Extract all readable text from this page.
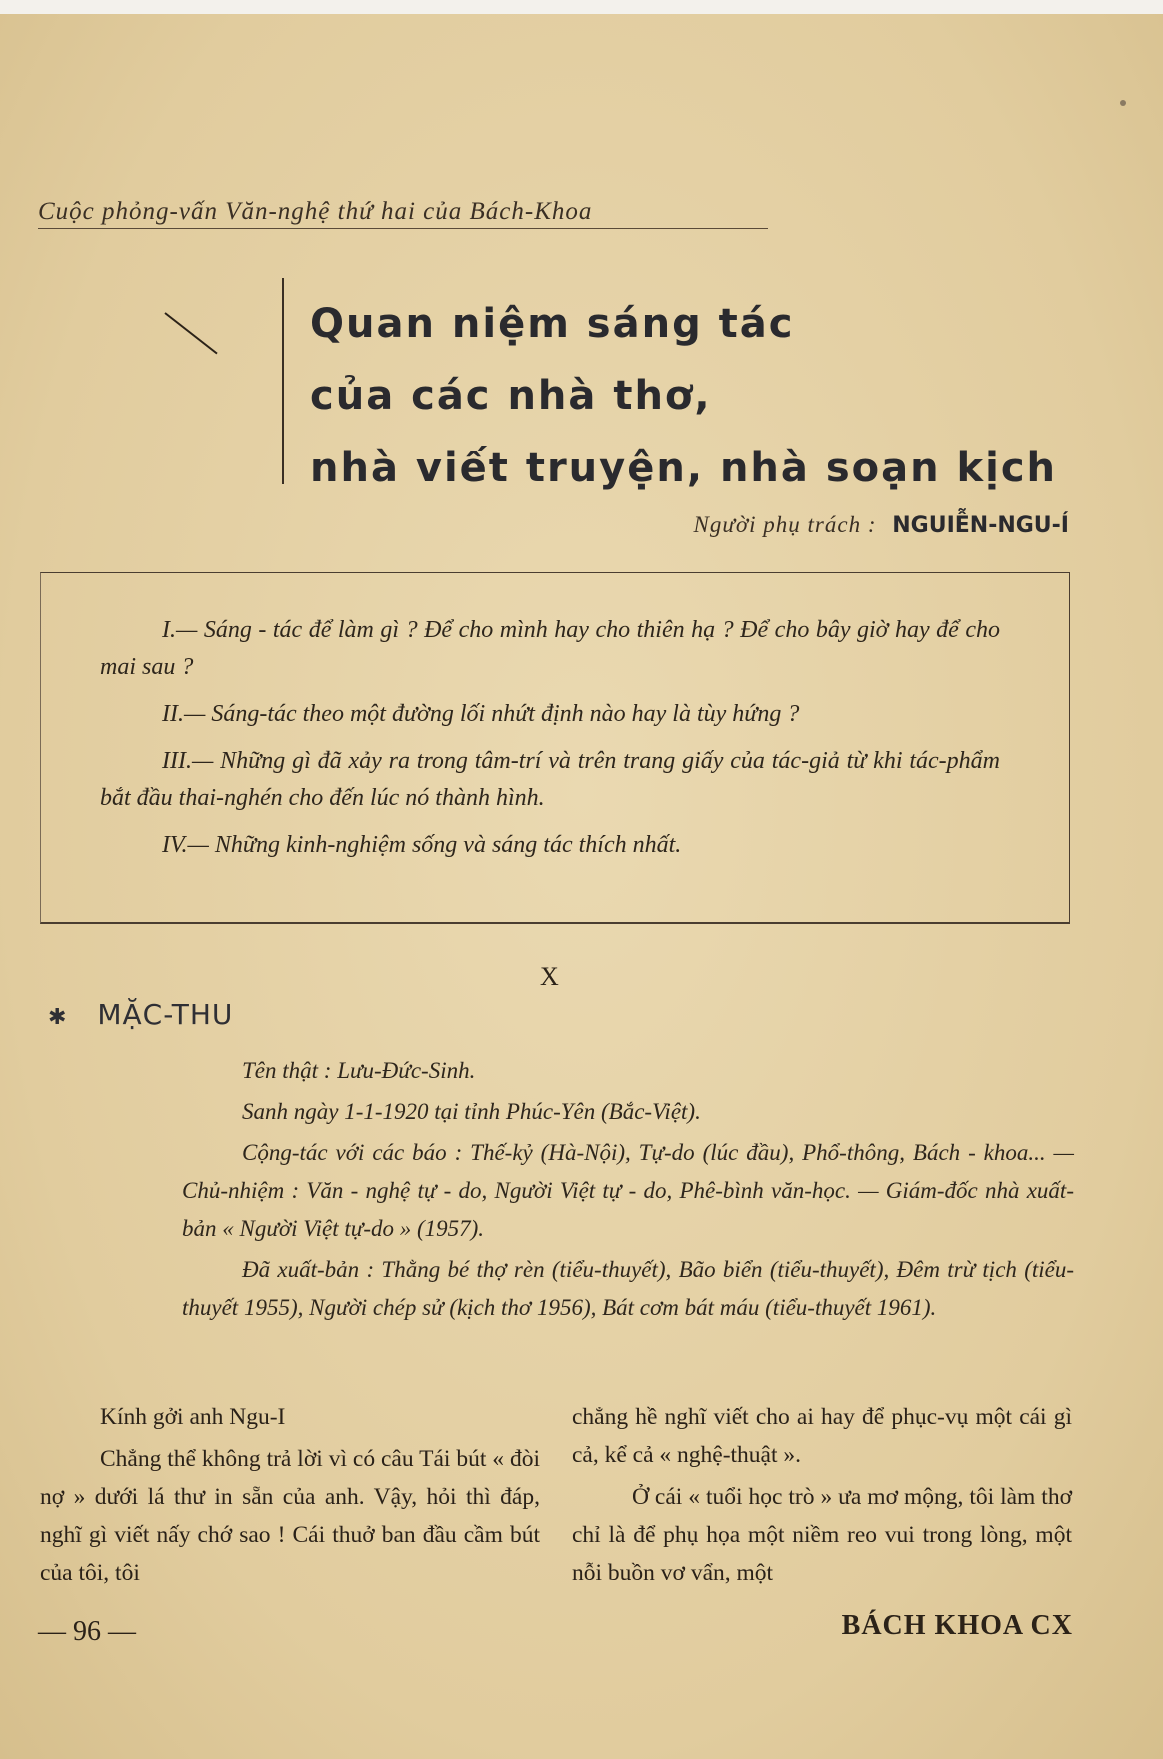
Cuộc phỏng-vấn Văn-nghệ thứ hai của Bách-Khoa
Quan niệm sáng tác
của các nhà thơ,
nhà viết truyện, nhà soạn kịch
Người phụ trách : NGUIỄN-NGU-Í

I.— Sáng - tác để làm gì ? Để cho mình hay cho thiên hạ ? Để cho bây giờ hay để cho mai sau ?

II.— Sáng-tác theo một đường lối nhứt định nào hay là tùy hứng ?

III.— Những gì đã xảy ra trong tâm-trí và trên trang giấy của tác-giả từ khi tác-phẩm bắt đầu thai-nghén cho đến lúc nó thành hình.

IV.— Những kinh-nghiệm sống và sáng tác thích nhất.

X
✱ MẶC-THU

Tên thật : Lưu-Đức-Sinh.

Sanh ngày 1-1-1920 tại tỉnh Phúc-Yên (Bắc-Việt).

Cộng-tác với các báo : Thế-kỷ (Hà-Nội), Tự-do (lúc đầu), Phổ-thông, Bách - khoa... — Chủ-nhiệm : Văn - nghệ tự - do, Người Việt tự - do, Phê-bình văn-học. — Giám-đốc nhà xuất-bản « Người Việt tự-do » (1957).

Đã xuất-bản : Thằng bé thợ rèn (tiểu-thuyết), Bão biển (tiểu-thuyết), Đêm trừ tịch (tiểu-thuyết 1955), Người chép sử (kịch thơ 1956), Bát cơm bát máu (tiểu-thuyết 1961).

Kính gởi anh Ngu-I

Chẳng thể không trả lời vì có câu Tái bút « đòi nợ » dưới lá thư in sẵn của anh. Vậy, hỏi thì đáp, nghĩ gì viết nấy chớ sao ! Cái thuở ban đầu cầm bút của tôi, tôi

chẳng hề nghĩ viết cho ai hay để phục-vụ một cái gì cả, kể cả « nghệ-thuật ».

Ở cái « tuổi học trò » ưa mơ mộng, tôi làm thơ chỉ là để phụ họa một niềm reo vui trong lòng, một nỗi buồn vơ vẩn, một

— 96 —	BÁCH KHOA CX
